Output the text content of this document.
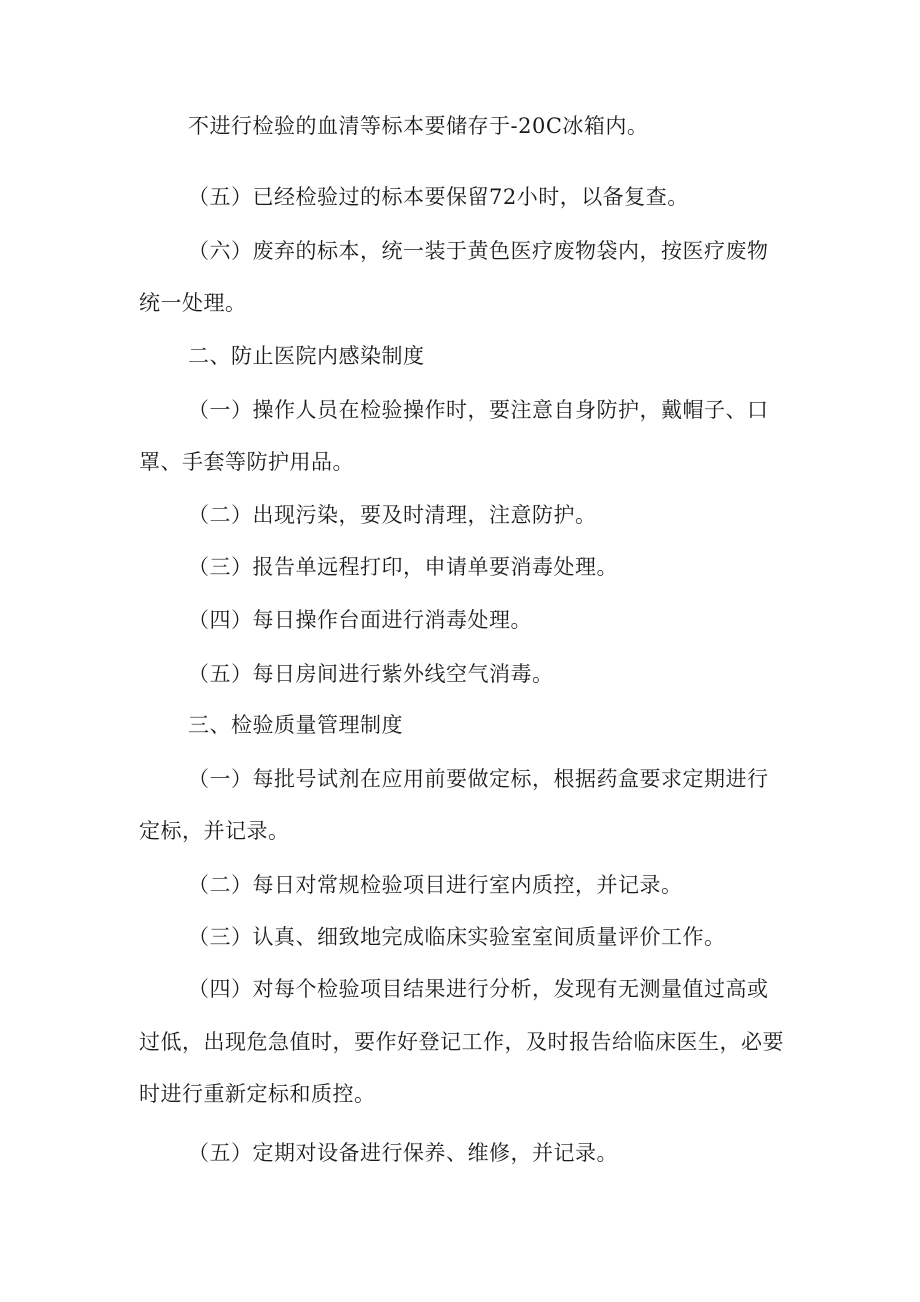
不进行检验的血清等标本要储存于-20C冰箱内。

（五）已经检验过的标本要保留72小时，以备复查。

（六）废弃的标本，统一装于黄色医疗废物袋内，按医疗废物

统一处理。

二、防止医院内感染制度

（一）操作人员在检验操作时，要注意自身防护，戴帽子、口

罩、手套等防护用品。

（二）出现污染，要及时清理，注意防护。

（三）报告单远程打印，申请单要消毒处理。

（四）每日操作台面进行消毒处理。

（五）每日房间进行紫外线空气消毒。

三、检验质量管理制度

（一）每批号试剂在应用前要做定标，根据药盒要求定期进行

定标，并记录。

（二）每日对常规检验项目进行室内质控，并记录。

（三）认真、细致地完成临床实验室室间质量评价工作。

（四）对每个检验项目结果进行分析，发现有无测量值过高或

过低，出现危急值时，要作好登记工作，及时报告给临床医生，必要

时进行重新定标和质控。

（五）定期对设备进行保养、维修，并记录。
